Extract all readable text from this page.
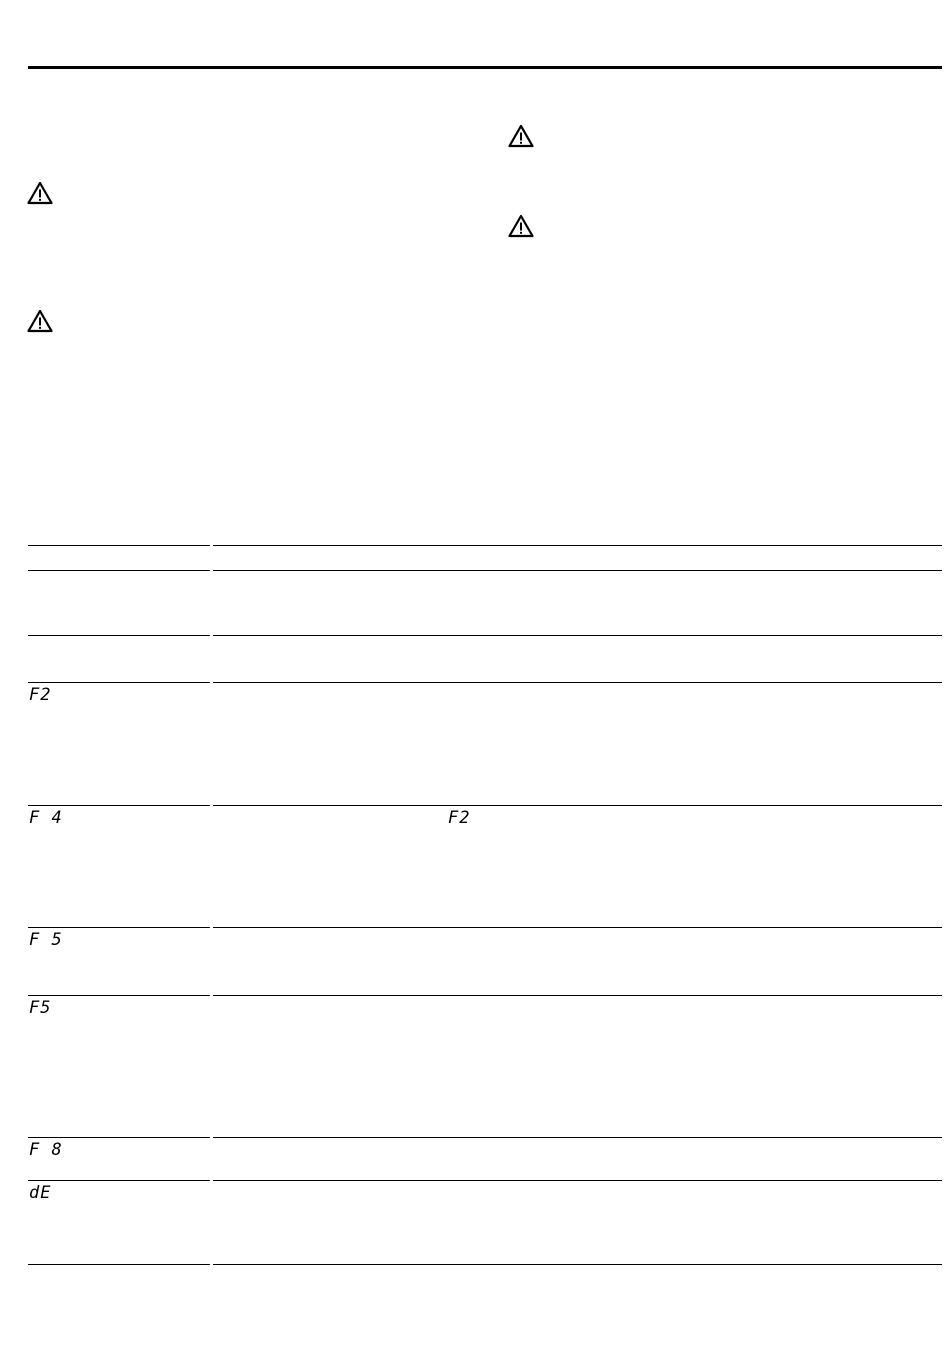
F2
F 4	F2
F 5
F5
F 8
dE
